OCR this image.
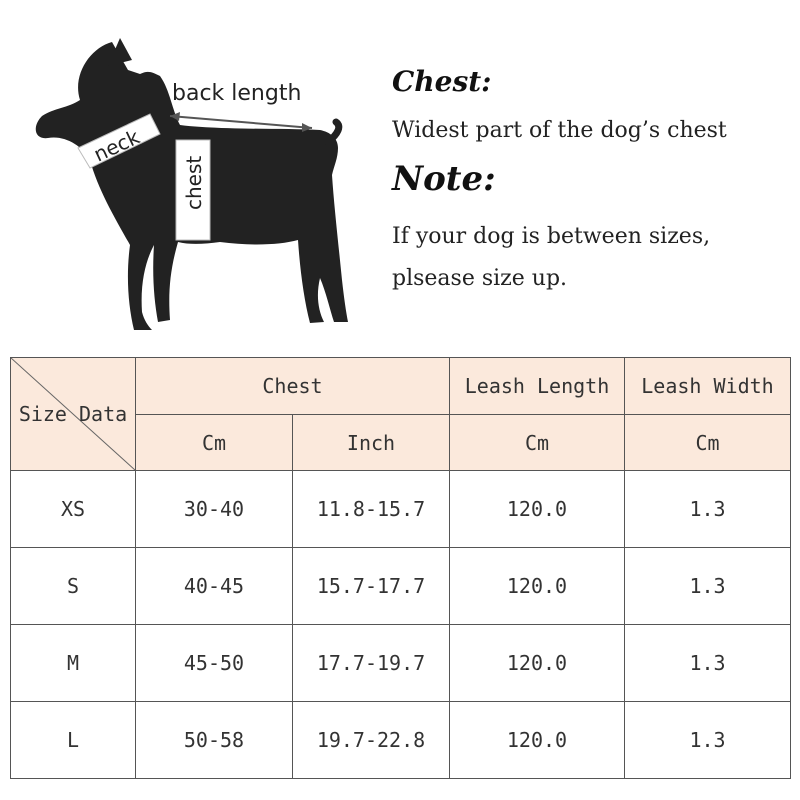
back length
neck
chest
Chest:
Widest part of the dog’s chest
Note:
If your dog is between sizes,
plsease size up.
Size Data	Chest		Leash Length	Leash Width
	Cm	Inch	Cm	Cm
XS	30-40	11.8-15.7	120.0	1.3
S	40-45	15.7-17.7	120.0	1.3
M	45-50	17.7-19.7	120.0	1.3
L	50-58	19.7-22.8	120.0	1.3
